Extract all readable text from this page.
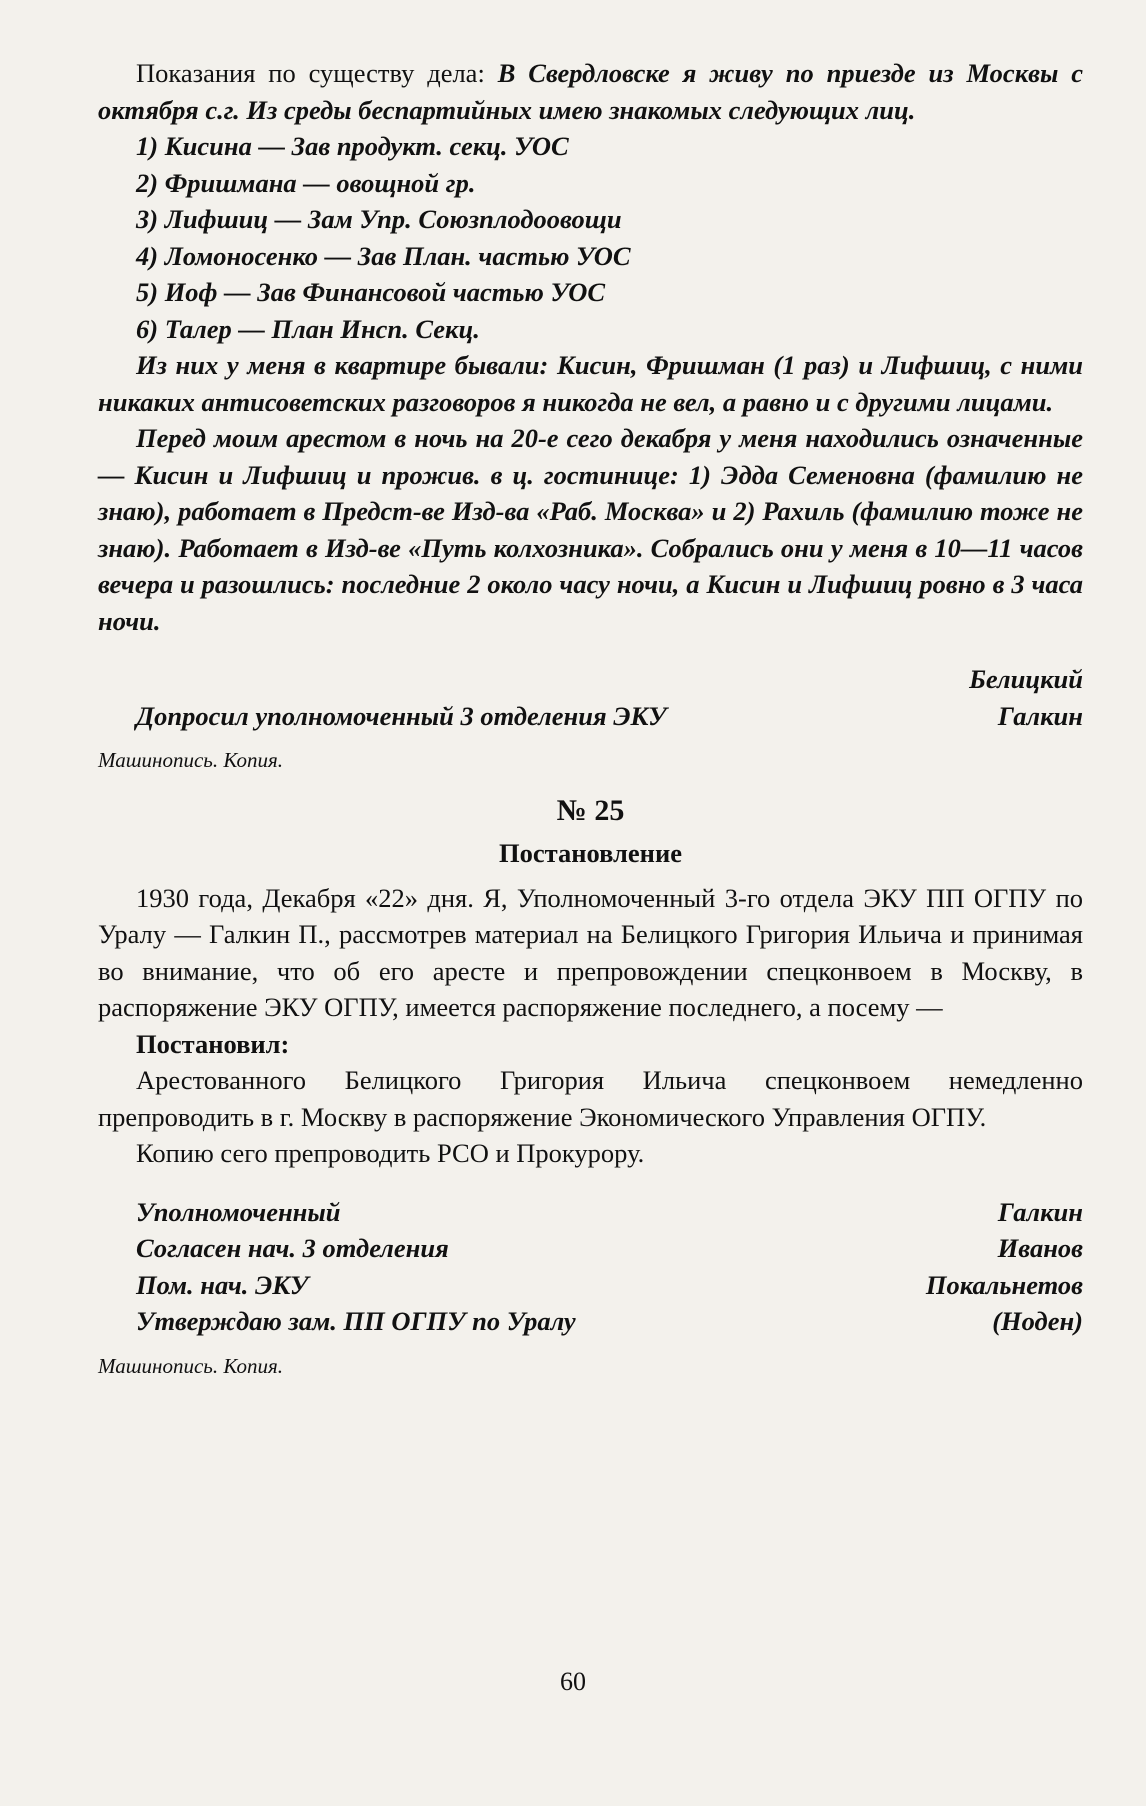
Показания по существу дела: В Свердловске я живу по приезде из Москвы с октября с.г. Из среды беспартийных имею знакомых следующих лиц.

1) Кисина — Зав продукт. секц. УОС
2) Фришмана — овощной гр.
3) Лифшиц — Зам Упр. Союзплодоовощи
4) Ломоносенко — Зав План. частью УОС
5) Иоф — Зав Финансовой частью УОС
6) Талер — План Инсп. Секц.

Из них у меня в квартире бывали: Кисин, Фришман (1 раз) и Лифшиц, с ними никаких антисоветских разговоров я никогда не вел, а равно и с другими лицами.

Перед моим арестом в ночь на 20-е сего декабря у меня находились означенные — Кисин и Лифшиц и прожив. в ц. гостинице: 1) Эдда Семеновна (фамилию не знаю), работает в Предст-ве Изд-ва «Раб. Москва» и 2) Рахиль (фамилию тоже не знаю). Работает в Изд-ве «Путь колхозника». Собрались они у меня в 10—11 часов вечера и разошлись: последние 2 около часу ночи, а Кисин и Лифшиц ровно в 3 часа ночи.

Белицкий
Допросил уполномоченный 3 отделения ЭКУ	Галкин
Машинопись. Копия.
№ 25
Постановление

1930 года, Декабря «22» дня. Я, Уполномоченный 3-го отдела ЭКУ ПП ОГПУ по Уралу — Галкин П., рассмотрев материал на Белицкого Григория Ильича и принимая во внимание, что об его аресте и препровождении спецконвоем в Москву, в распоряжение ЭКУ ОГПУ, имеется распоряжение последнего, а посему —

Постановил:

Арестованного Белицкого Григория Ильича спецконвоем немедленно препроводить в г. Москву в распоряжение Экономического Управления ОГПУ.

Копию сего препроводить РСО и Прокурору.

Уполномоченный	Галкин
Согласен нач. 3 отделения	Иванов
Пом. нач. ЭКУ	Покальнетов
Утверждаю зам. ПП ОГПУ по Уралу	(Ноден)
Машинопись. Копия.
60
